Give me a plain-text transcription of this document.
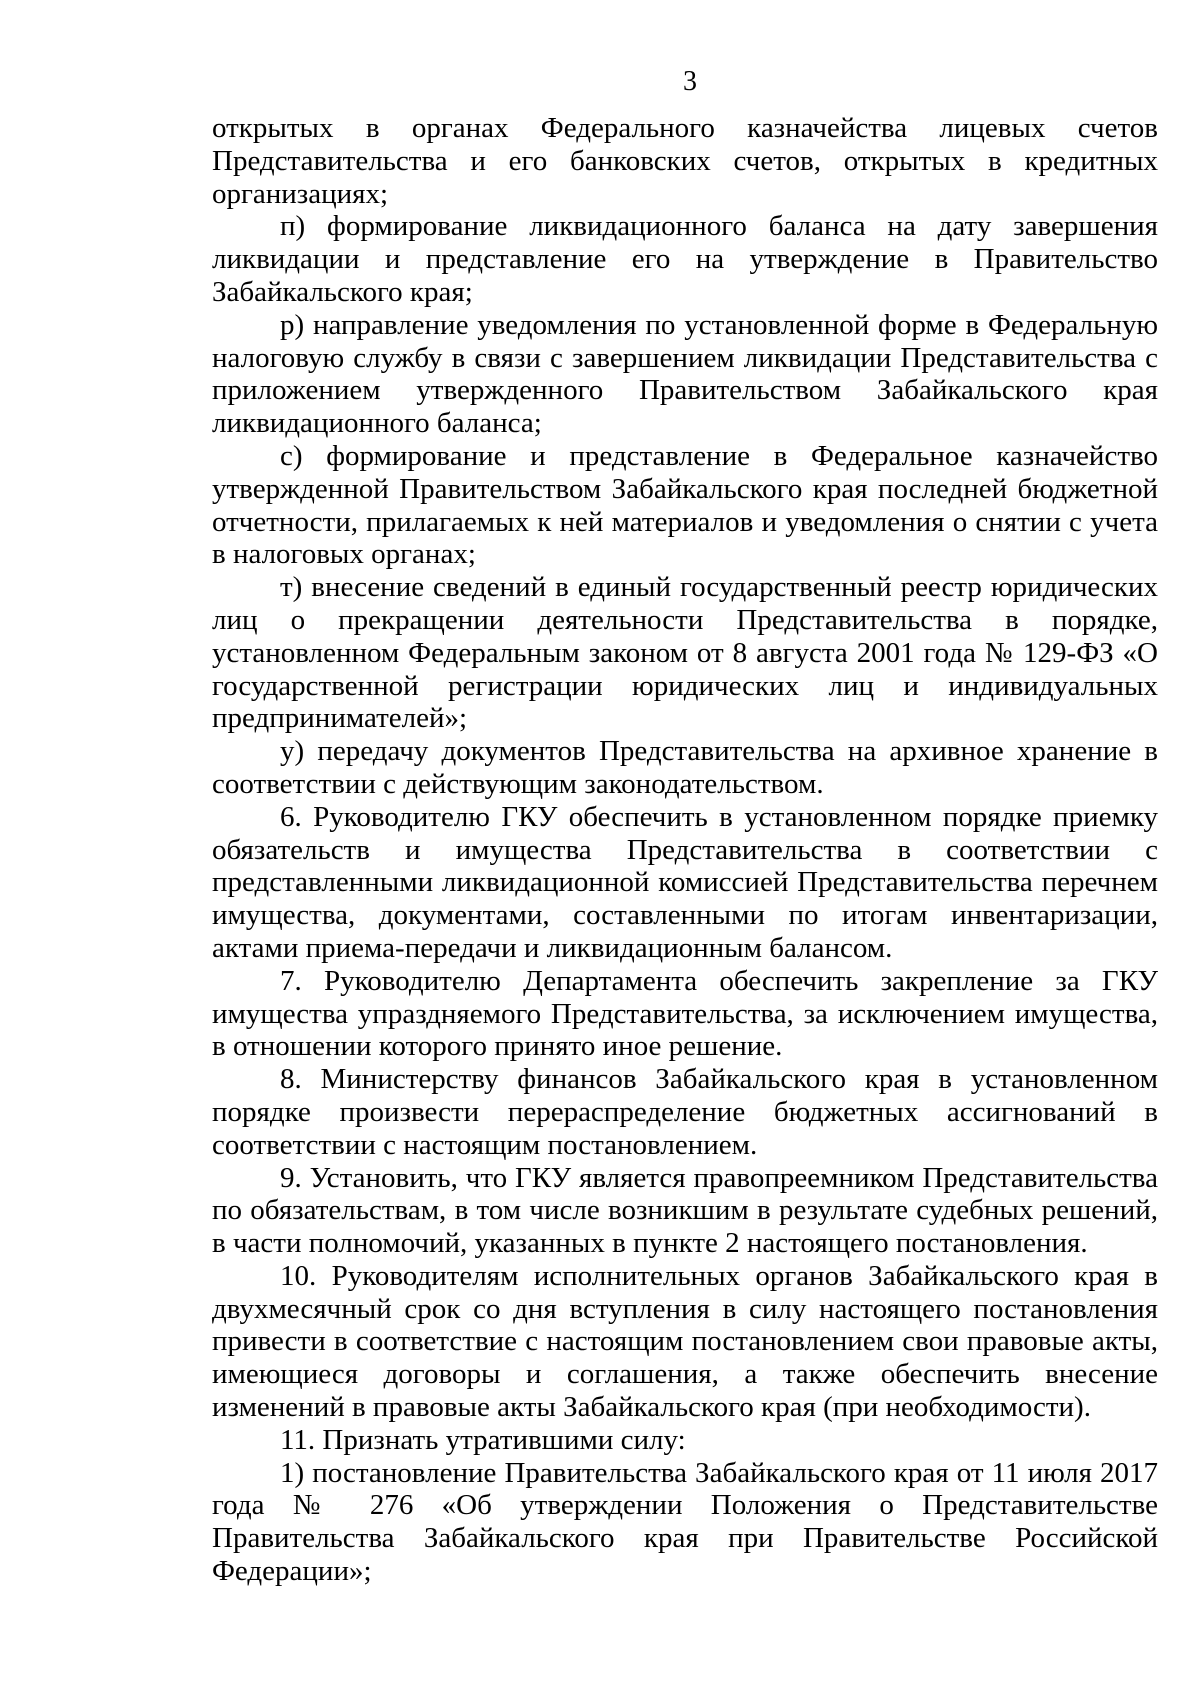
3

открытых в органах Федерального казначейства лицевых счетов Представительства и его банковских счетов, открытых в кредитных организациях;

п) формирование ликвидационного баланса на дату завершения ликвидации и представление его на утверждение в Правительство Забайкальского края;

р) направление уведомления по установленной форме в Федеральную налоговую службу в связи с завершением ликвидации Представительства с приложением утвержденного Правительством Забайкальского края ликвидационного баланса;

с) формирование и представление в Федеральное казначейство утвержденной Правительством Забайкальского края последней бюджетной отчетности, прилагаемых к ней материалов и уведомления о снятии с учета в налоговых органах;

т) внесение сведений в единый государственный реестр юридических лиц о прекращении деятельности Представительства в порядке, установленном Федеральным законом от 8 августа 2001 года № 129-ФЗ «О государственной регистрации юридических лиц и индивидуальных предпринимателей»;

у) передачу документов Представительства на архивное хранение в соответствии с действующим законодательством.

6. Руководителю ГКУ обеспечить в установленном порядке приемку обязательств и имущества Представительства в соответствии с представленными ликвидационной комиссией Представительства перечнем имущества, документами, составленными по итогам инвентаризации, актами приема-передачи и ликвидационным балансом.

7. Руководителю Департамента обеспечить закрепление за ГКУ имущества упраздняемого Представительства, за исключением имущества, в отношении которого принято иное решение.

8. Министерству финансов Забайкальского края в установленном порядке произвести перераспределение бюджетных ассигнований в соответствии с настоящим постановлением.

9. Установить, что ГКУ является правопреемником Представительства по обязательствам, в том числе возникшим в результате судебных решений, в части полномочий, указанных в пункте 2 настоящего постановления.

10. Руководителям исполнительных органов Забайкальского края в двухмесячный срок со дня вступления в силу настоящего постановления привести в соответствие с настоящим постановлением свои правовые акты, имеющиеся договоры и соглашения, а также обеспечить внесение изменений в правовые акты Забайкальского края (при необходимости).

11. Признать утратившими силу:

1) постановление Правительства Забайкальского края от 11 июля 2017 года № 276 «Об утверждении Положения о Представительстве Правительства Забайкальского края при Правительстве Российской Федерации»;
